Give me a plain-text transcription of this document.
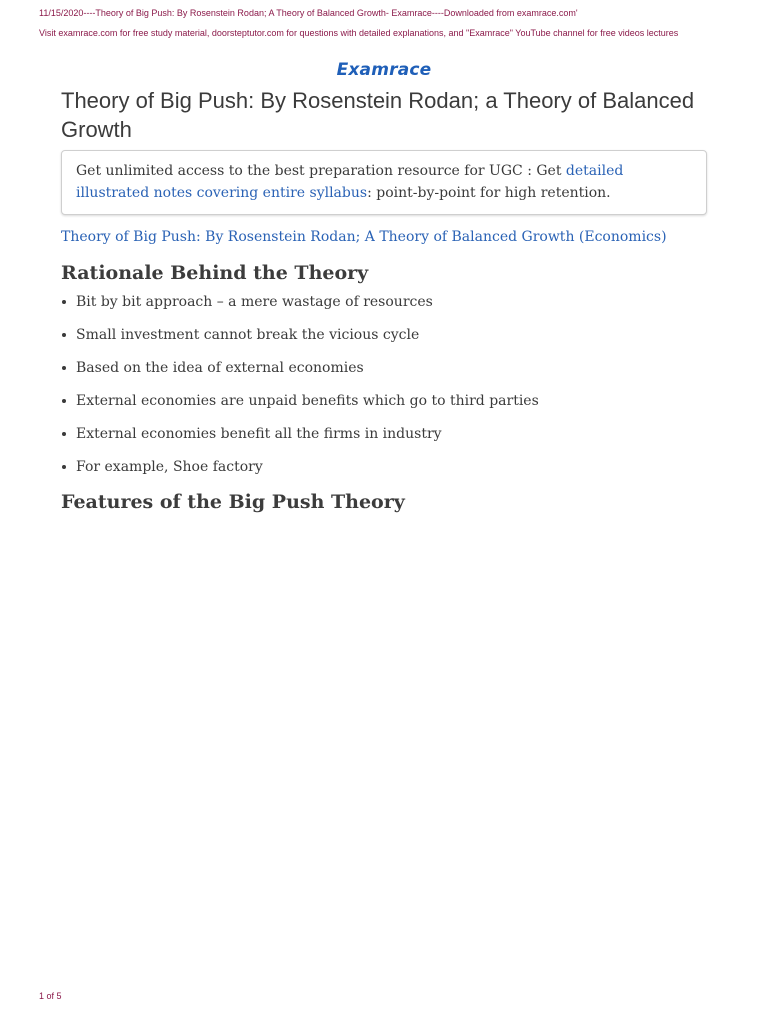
11/15/2020----Theory of Big Push: By Rosenstein Rodan; A Theory of Balanced Growth- Examrace----Downloaded from examrace.com'
Visit examrace.com for free study material, doorsteptutor.com for questions with detailed explanations, and "Examrace" YouTube channel for free videos lectures
Examrace
Theory of Big Push: By Rosenstein Rodan; a Theory of Balanced Growth
Get unlimited access to the best preparation resource for UGC : Get detailed illustrated notes covering entire syllabus: point-by-point for high retention.
Theory of Big Push: By Rosenstein Rodan; A Theory of Balanced Growth (Economics)
Rationale Behind the Theory
Bit by bit approach – a mere wastage of resources
Small investment cannot break the vicious cycle
Based on the idea of external economies
External economies are unpaid benefits which go to third parties
External economies benefit all the firms in industry
For example, Shoe factory
Features of the Big Push Theory
1 of 5
